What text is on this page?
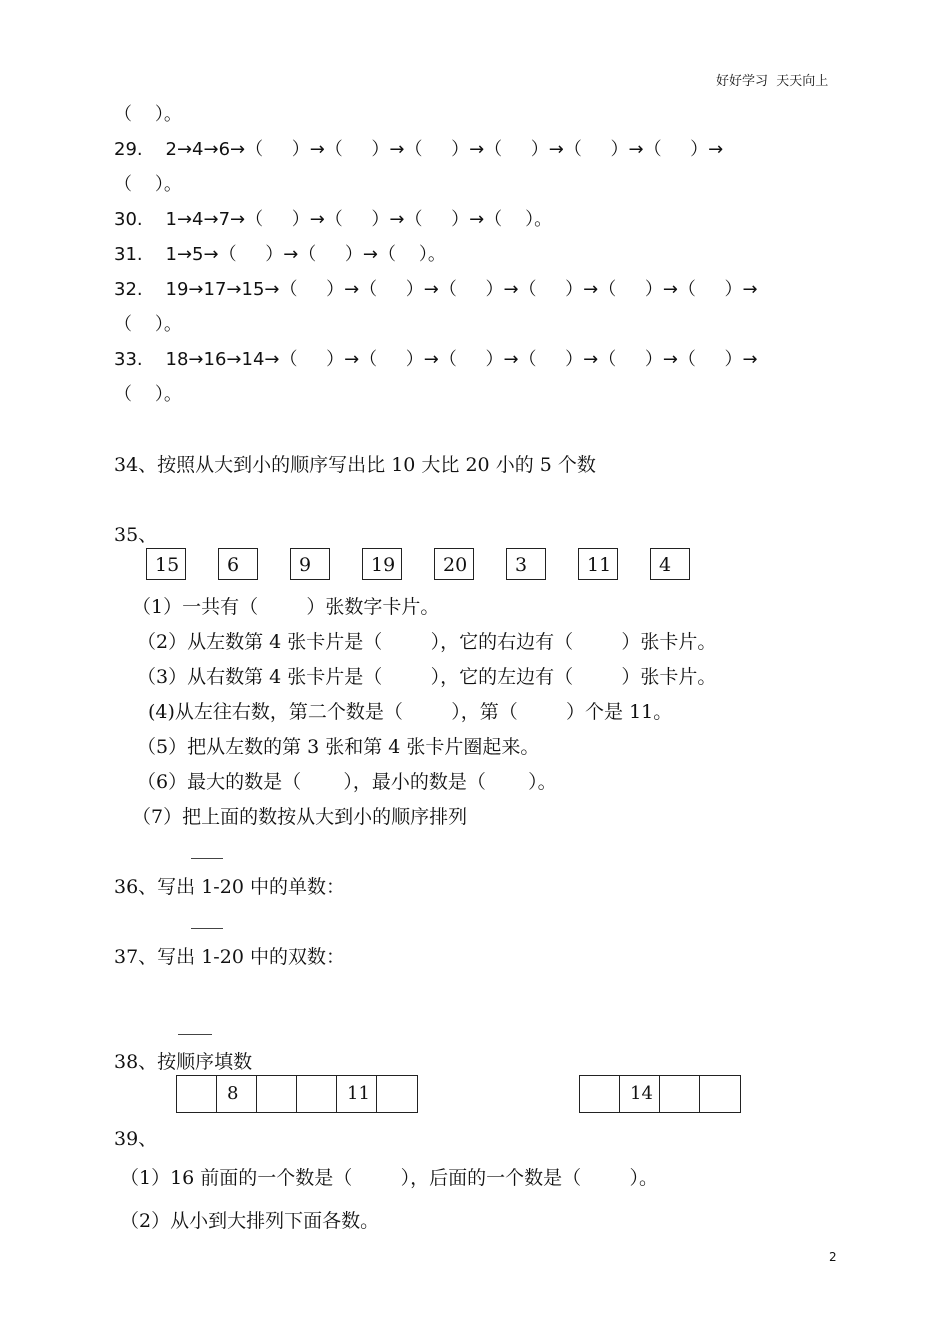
好好学习  天天向上
（    ）。
29.    2→4→6→（     ）→（     ）→（     ）→（     ）→（     ）→（     ）→
（    ）。
30.    1→4→7→（     ）→（     ）→（     ）→（    ）。
31.    1→5→（     ）→（     ）→（    ）。
32.    19→17→15→（     ）→（     ）→（     ）→（     ）→（     ）→（     ）→
（    ）。
33.    18→16→14→（     ）→（     ）→（     ）→（     ）→（     ）→（     ）→
（    ）。
34、按照从大到小的顺序写出比 10 大比 20 小的 5 个数
35、
15	6	9	19	20	3	11	4
（1）一共有（        ）张数字卡片。
（2）从左数第 4 张卡片是（        ），它的右边有（        ）张卡片。
（3）从右数第 4 张卡片是（        ），它的左边有（        ）张卡片。
(4)从左往右数，第二个数是（        ），第（        ）个是 11。
（5）把从左数的第 3 张和第 4 张卡片圈起来。
（6）最大的数是（       ），最小的数是（       ）。
（7）把上面的数按从大到小的顺序排列
36、写出 1-20 中的单数：
37、写出 1-20 中的双数：
38、按顺序填数
8	11	14
39、
（1）16 前面的一个数是（        ），后面的一个数是（        ）。
（2）从小到大排列下面各数。
2
